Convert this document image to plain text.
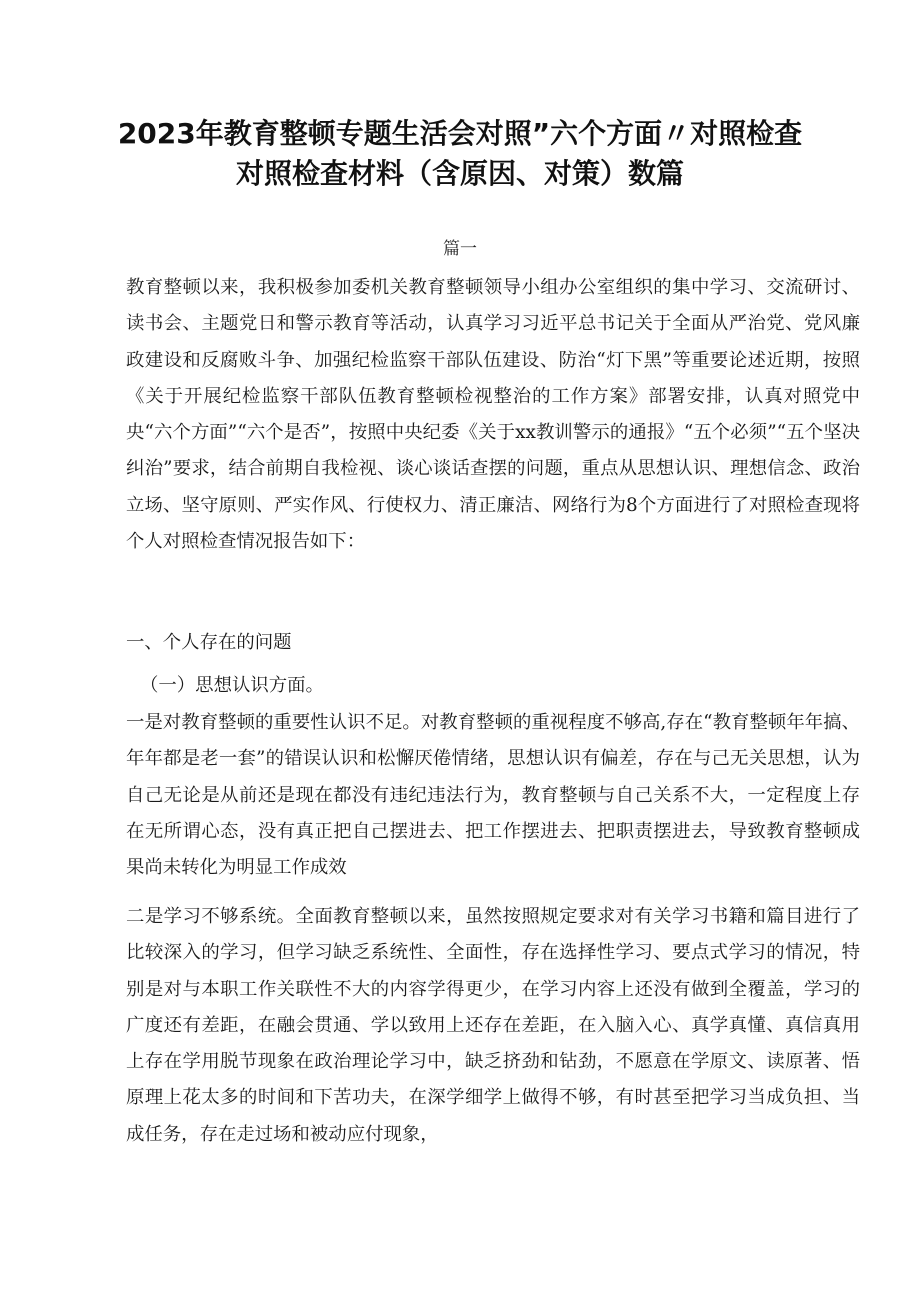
2023年教育整顿专题生活会对照”六个方面〃对照检查
对照检查材料（含原因、对策）数篇
篇一
教育整顿以来，我积极参加委机关教育整顿领导小组办公室组织的集中学习、交流研讨、读书会、主题党日和警示教育等活动，认真学习习近平总书记关于全面从严治党、党风廉政建设和反腐败斗争、加强纪检监察干部队伍建设、防治“灯下黑”等重要论述近期，按照《关于开展纪检监察干部队伍教育整顿检视整治的工作方案》部署安排，认真对照党中央“六个方面”“六个是否”，按照中央纪委《关于xx教训警示的通报》“五个必须”“五个坚决纠治”要求，结合前期自我检视、谈心谈话查摆的问题，重点从思想认识、理想信念、政治立场、坚守原则、严实作风、行使权力、清正廉洁、网络行为8个方面进行了对照检查现将个人对照检查情况报告如下：
一、个人存在的问题
（一）思想认识方面。
一是对教育整顿的重要性认识不足。对教育整顿的重视程度不够高,存在“教育整顿年年搞、年年都是老一套”的错误认识和松懈厌倦情绪，思想认识有偏差，存在与己无关思想，认为自己无论是从前还是现在都没有违纪违法行为，教育整顿与自己关系不大，一定程度上存在无所谓心态，没有真正把自己摆进去、把工作摆进去、把职责摆进去，导致教育整顿成果尚未转化为明显工作成效
二是学习不够系统。全面教育整顿以来，虽然按照规定要求对有关学习书籍和篇目进行了比较深入的学习，但学习缺乏系统性、全面性，存在选择性学习、要点式学习的情况，特别是对与本职工作关联性不大的内容学得更少，在学习内容上还没有做到全覆盖，学习的广度还有差距，在融会贯通、学以致用上还存在差距，在入脑入心、真学真懂、真信真用上存在学用脱节现象在政治理论学习中，缺乏挤劲和钻劲，不愿意在学原文、读原著、悟原理上花太多的时间和下苦功夫，在深学细学上做得不够，有时甚至把学习当成负担、当成任务，存在走过场和被动应付现象，
